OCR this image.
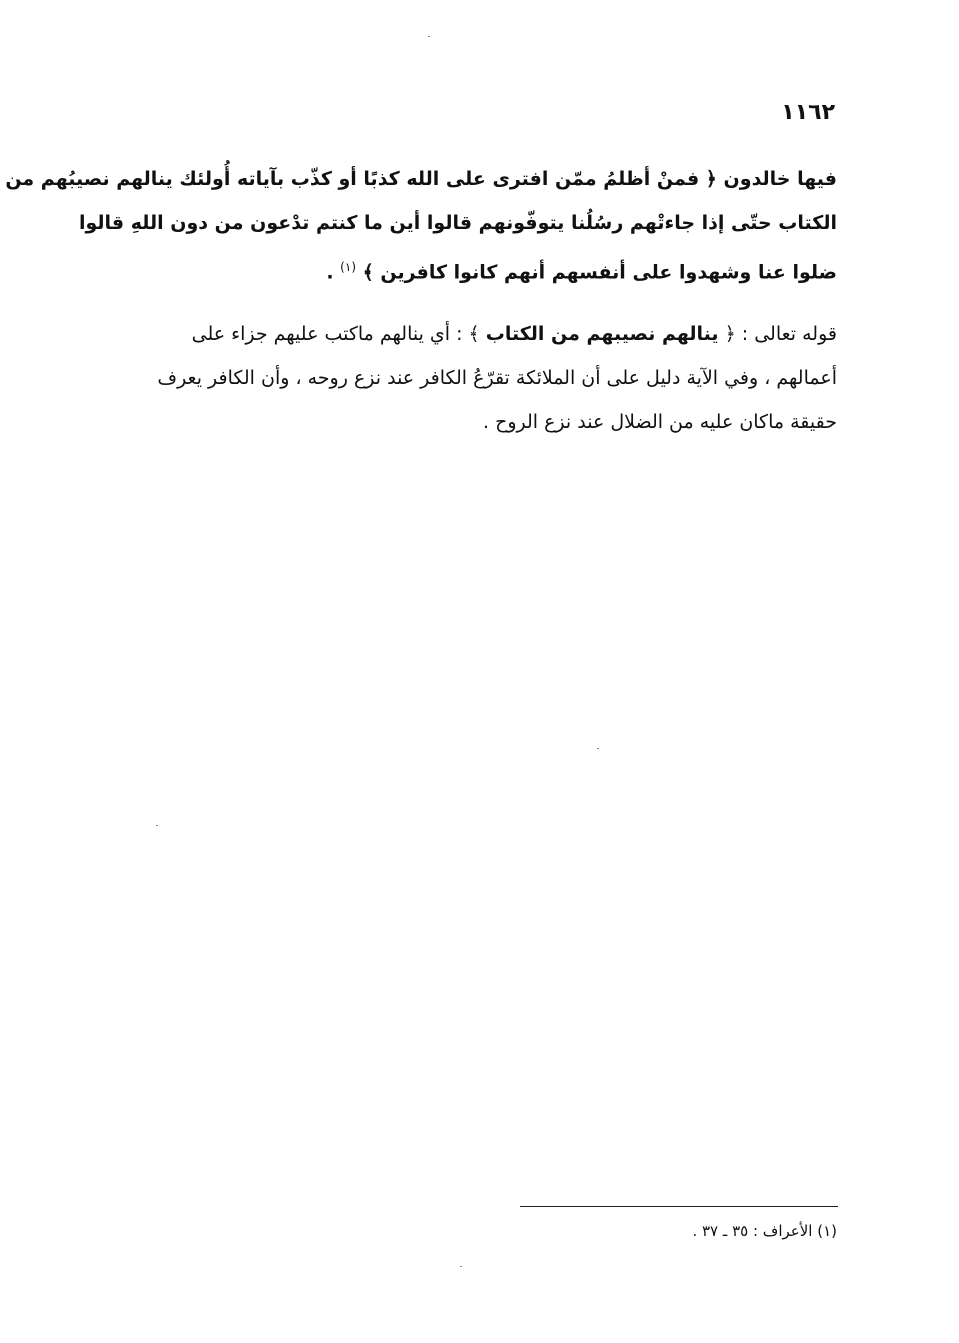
١١٦٢
فيها خالدون ﴿ فمنْ أظلمُ ممّن افترى على الله كذبًا أو كذّب بآياته أُولئك ينالهم نصيبُهم من
الكتاب حتّى إذا جاءتْهم رسُلُنا يتوفّونهم قالوا أين ما كنتم تدْعون من دون اللهِ قالوا
ضلوا عنا وشهدوا على أنفسهم أنهم كانوا كافرين ﴾ $^{(١)}$ .
قوله تعالى : ﴿ ينالهم نصيبهم من الكتاب ﴾ : أي ينالهم ماكتب عليهم جزاء على
أعمالهم ، وفي الآية دليل على أن الملائكة تقرّعُ الكافر عند نزع روحه ، وأن الكافر يعرف
حقيقة ماكان عليه من الضلال عند نزع الروح .
(١) الأعراف : ٣٥ ـ ٣٧ .
